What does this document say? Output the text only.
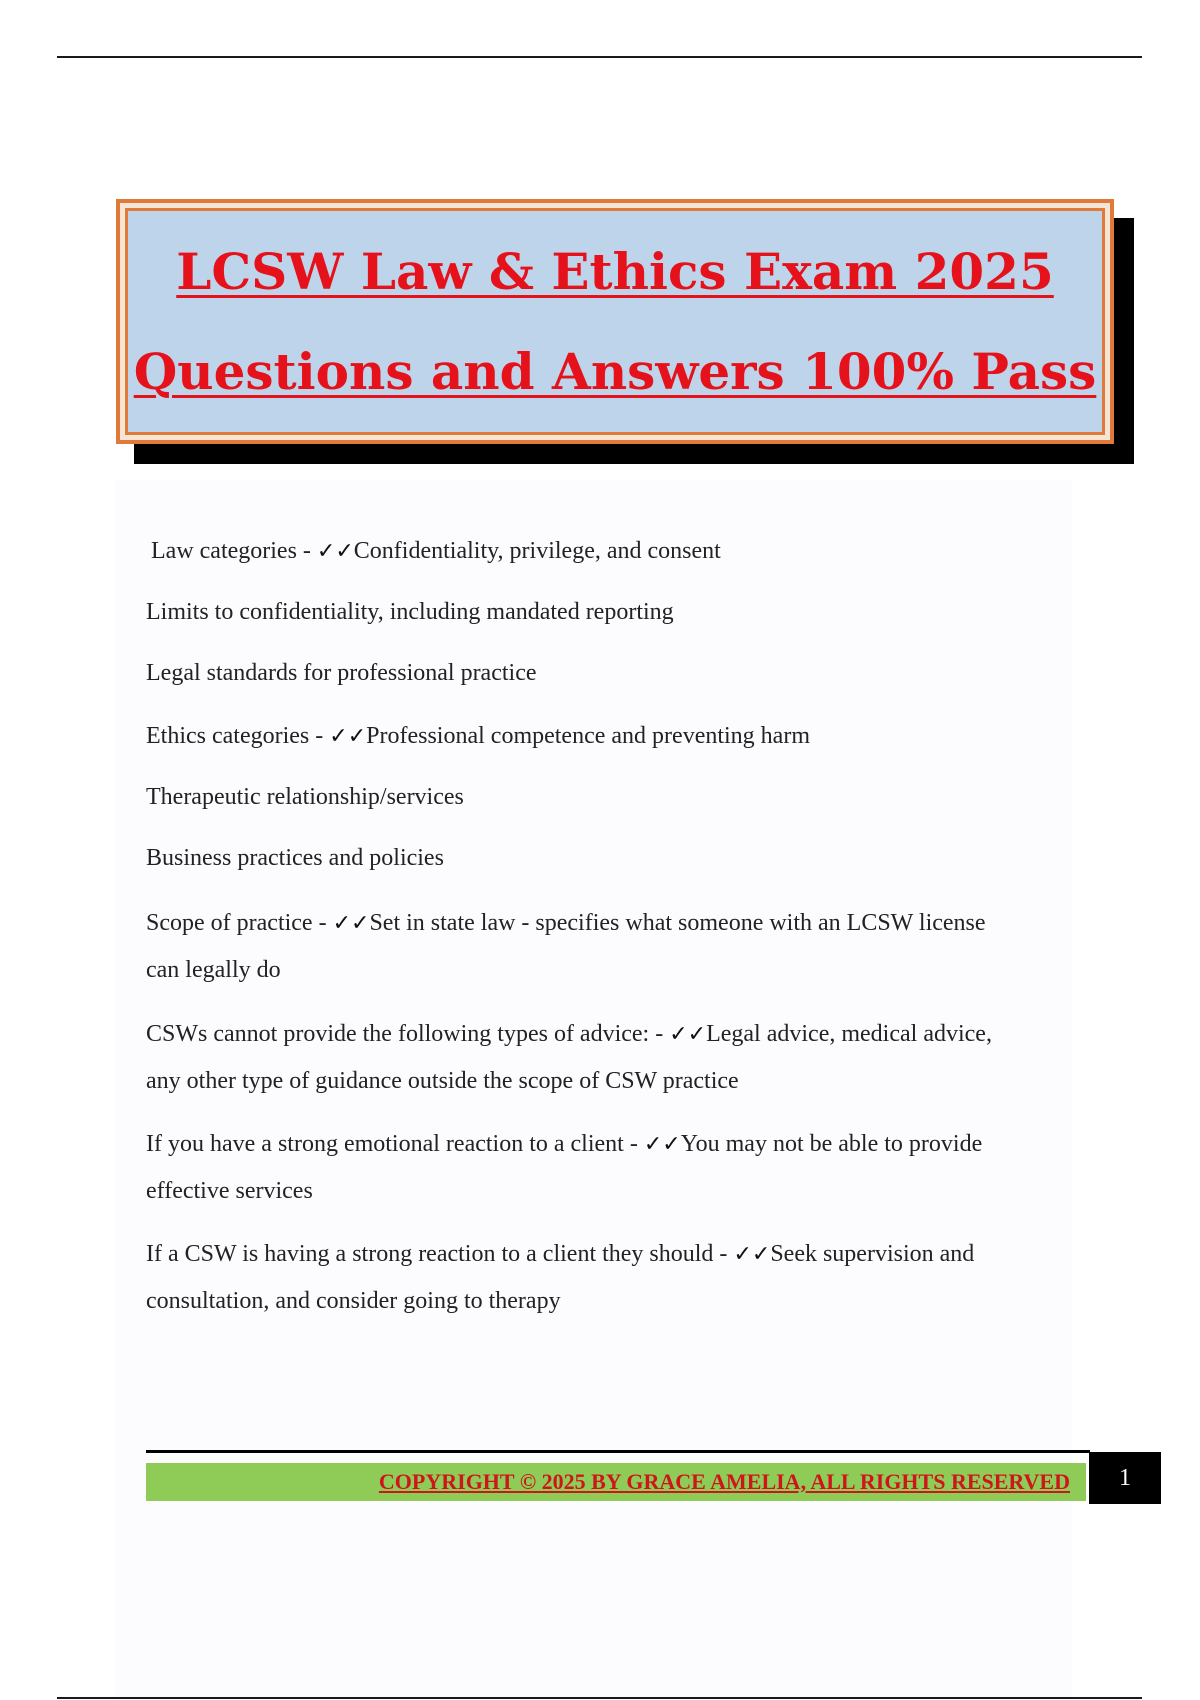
LCSW Law & Ethics Exam 2025
Questions and Answers 100% Pass
Law categories - ✓✓Confidentiality, privilege, and consent
Limits to confidentiality, including mandated reporting
Legal standards for professional practice
Ethics categories - ✓✓Professional competence and preventing harm
Therapeutic relationship/services
Business practices and policies
Scope of practice - ✓✓Set in state law - specifies what someone with an LCSW license
can legally do
CSWs cannot provide the following types of advice: - ✓✓Legal advice, medical advice,
any other type of guidance outside the scope of CSW practice
If you have a strong emotional reaction to a client - ✓✓You may not be able to provide
effective services
If a CSW is having a strong reaction to a client they should - ✓✓Seek supervision and
consultation, and consider going to therapy
COPYRIGHT © 2025 BY GRACE AMELIA, ALL RIGHTS RESERVED 1
